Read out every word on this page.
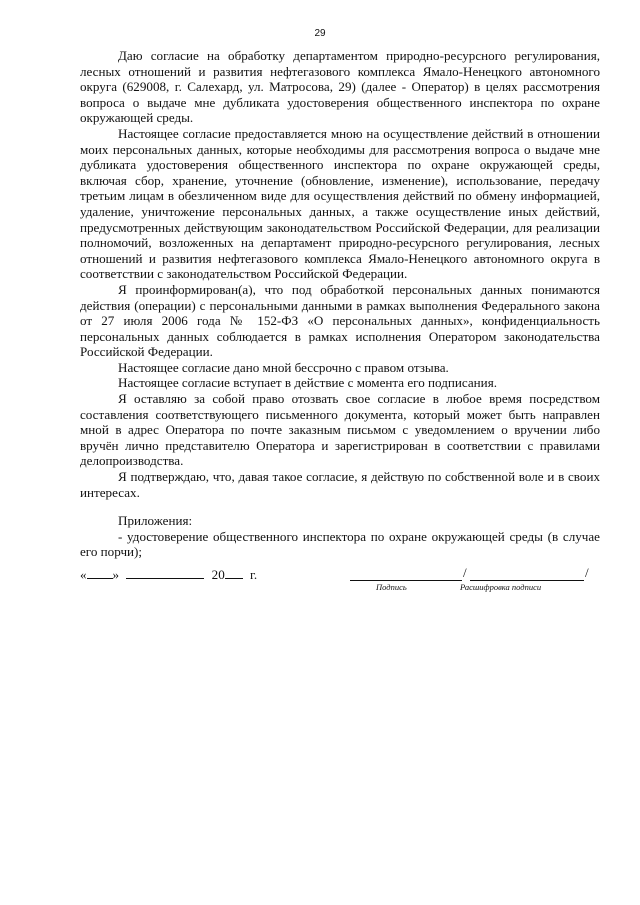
29

Даю согласие на обработку департаментом природно-ресурсного регулирования, лесных отношений и развития нефтегазового комплекса Ямало-Ненецкого автономного округа (629008, г. Салехард, ул. Матросова, 29) (далее - Оператор) в целях рассмотрения вопроса о выдаче мне дубликата удостоверения общественного инспектора по охране окружающей среды.

Настоящее согласие предоставляется мною на осуществление действий в отношении моих персональных данных, которые необходимы для рассмотрения вопроса о выдаче мне дубликата удостоверения общественного инспектора по охране окружающей среды, включая сбор, хранение, уточнение (обновление, изменение), использование, передачу третьим лицам в обезличенном виде для осуществления действий по обмену информацией, удаление, уничтожение персональных данных, а также осуществление иных действий, предусмотренных действующим законодательством Российской Федерации, для реализации полномочий, возложенных на департамент природно-ресурсного регулирования, лесных отношений и развития нефтегазового комплекса Ямало-Ненецкого автономного округа в соответствии с законодательством Российской Федерации.

Я проинформирован(а), что под обработкой персональных данных понимаются действия (операции) с персональными данными в рамках выполнения Федерального закона от 27 июля 2006 года № 152-ФЗ «О персональных данных», конфиденциальность персональных данных соблюдается в рамках исполнения Оператором законодательства Российской Федерации.

Настоящее согласие дано мной бессрочно с правом отзыва.

Настоящее согласие вступает в действие с момента его подписания.

Я оставляю за собой право отозвать свое согласие в любое время посредством составления соответствующего письменного документа, который может быть направлен мной в адрес Оператора по почте заказным письмом с уведомлением о вручении либо вручён лично представителю Оператора и зарегистрирован в соответствии с правилами делопроизводства.

Я подтверждаю, что, давая такое согласие, я действую по собственной воле и в своих интересах.

Приложения:

- удостоверение общественного инспектора по охране окружающей среды (в случае его порчи);

« »	20 г.	/	/
Подпись	Расшифровка подписи
